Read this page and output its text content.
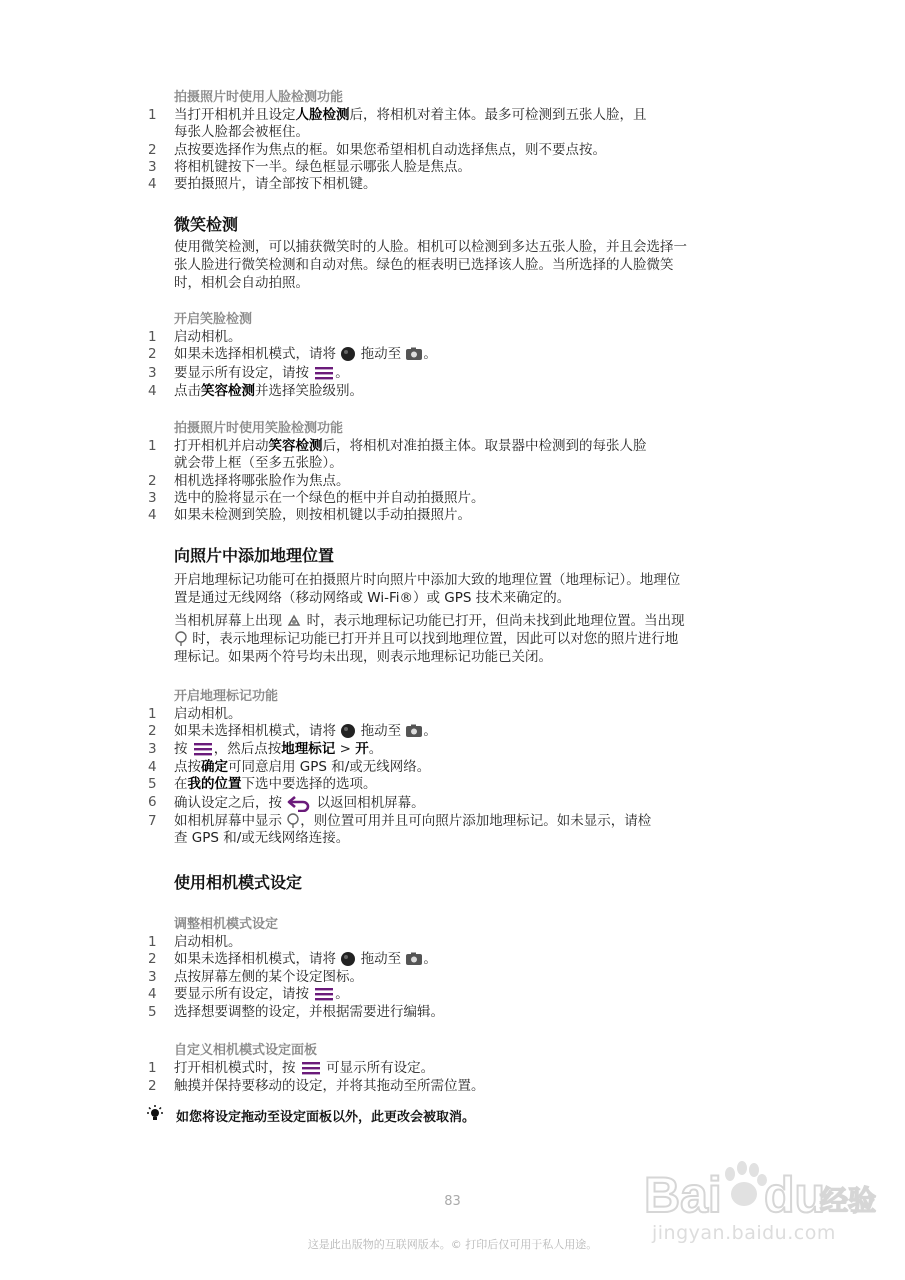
拍摄照片时使用人脸检测功能
1	当打开相机并且设定人脸检测后，将相机对着主体。最多可检测到五张人脸，且
每张人脸都会被框住。
2	点按要选择作为焦点的框。如果您希望相机自动选择焦点，则不要点按。
3	将相机键按下一半。绿色框显示哪张人脸是焦点。
4	要拍摄照片，请全部按下相机键。
微笑检测
使用微笑检测，可以捕获微笑时的人脸。相机可以检测到多达五张人脸，并且会选择一
张人脸进行微笑检测和自动对焦。绿色的框表明已选择该人脸。当所选择的人脸微笑
时，相机会自动拍照。
开启笑脸检测
1	启动相机。
2	如果未选择相机模式，请将 拖动至 。
3	要显示所有设定，请按 。
4	点击笑容检测并选择笑脸级别。
拍摄照片时使用笑脸检测功能
1	打开相机并启动笑容检测后，将相机对准拍摄主体。取景器中检测到的每张人脸
就会带上框（至多五张脸）。
2	相机选择将哪张脸作为焦点。
3	选中的脸将显示在一个绿色的框中并自动拍摄照片。
4	如果未检测到笑脸，则按相机键以手动拍摄照片。
向照片中添加地理位置
开启地理标记功能可在拍摄照片时向照片中添加大致的地理位置（地理标记）。地理位
置是通过无线网络（移动网络或 Wi-Fi®）或 GPS 技术来确定的。
当相机屏幕上出现 时，表示地理标记功能已打开，但尚未找到此地理位置。当出现
时，表示地理标记功能已打开并且可以找到地理位置，因此可以对您的照片进行地
理标记。如果两个符号均未出现，则表示地理标记功能已关闭。
开启地理标记功能
1	启动相机。
2	如果未选择相机模式，请将 拖动至 。
3	按 ，然后点按地理标记 > 开。
4	点按确定可同意启用 GPS 和/或无线网络。
5	在我的位置下选中要选择的选项。
6	确认设定之后，按	以返回相机屏幕。
7	如相机屏幕中显示 ，则位置可用并且可向照片添加地理标记。如未显示，请检
查 GPS 和/或无线网络连接。
使用相机模式设定
调整相机模式设定
1	启动相机。
2	如果未选择相机模式，请将 拖动至 。
3	点按屏幕左侧的某个设定图标。
4	要显示所有设定，请按 。
5	选择想要调整的设定，并根据需要进行编辑。
自定义相机模式设定面板
1	打开相机模式时，按 可显示所有设定。
2	触摸并保持要移动的设定，并将其拖动至所需位置。
如您将设定拖动至设定面板以外，此更改会被取消。
83
这是此出版物的互联网版本。© 打印后仅可用于私人用途。
Bai du
经验
jingyan.baidu.com
